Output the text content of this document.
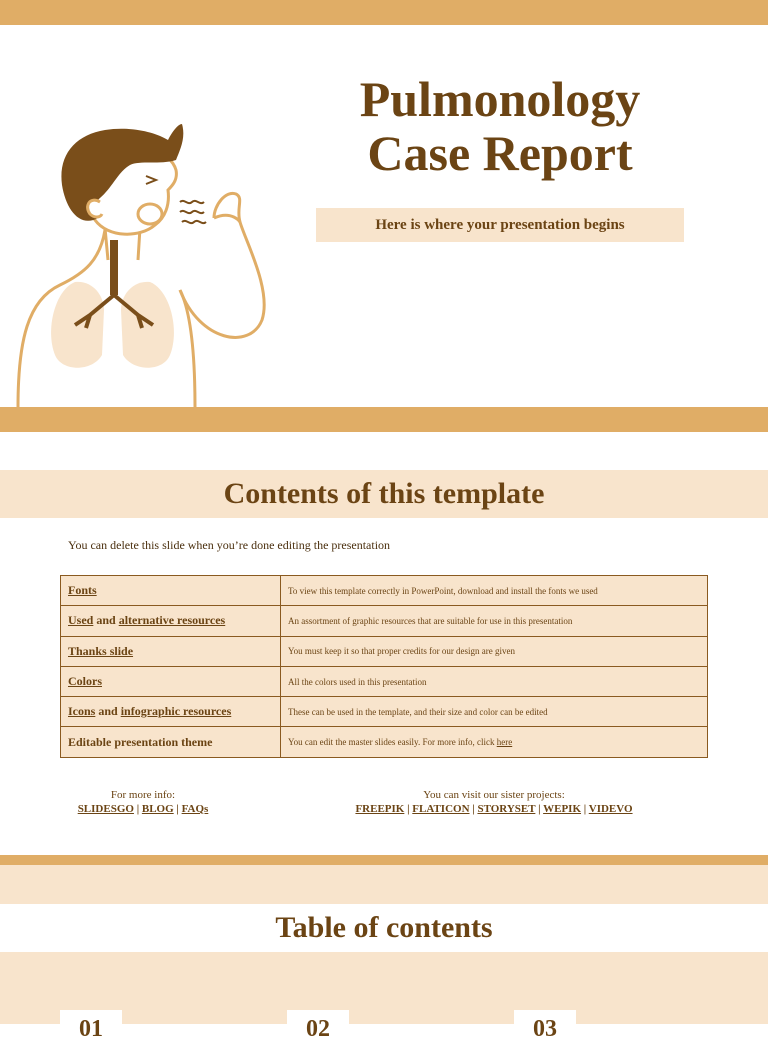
Pulmonology
Case Report
Here is where your presentation begins
Contents of this template
You can delete this slide when you’re done editing the presentation
Fonts	To view this template correctly in PowerPoint, download and install the fonts we used
Used and alternative resources	An assortment of graphic resources that are suitable for use in this presentation
Thanks slide	You must keep it so that proper credits for our design are given
Colors	All the colors used in this presentation
Icons and infographic resources	These can be used in the template, and their size and color can be edited
Editable presentation theme	You can edit the master slides easily. For more info, click here
For more info:
SLIDESGO | BLOG | FAQs
You can visit our sister projects:
FREEPIK | FLATICON | STORYSET | WEPIK | VIDEVO
Table of contents
01	02	03
